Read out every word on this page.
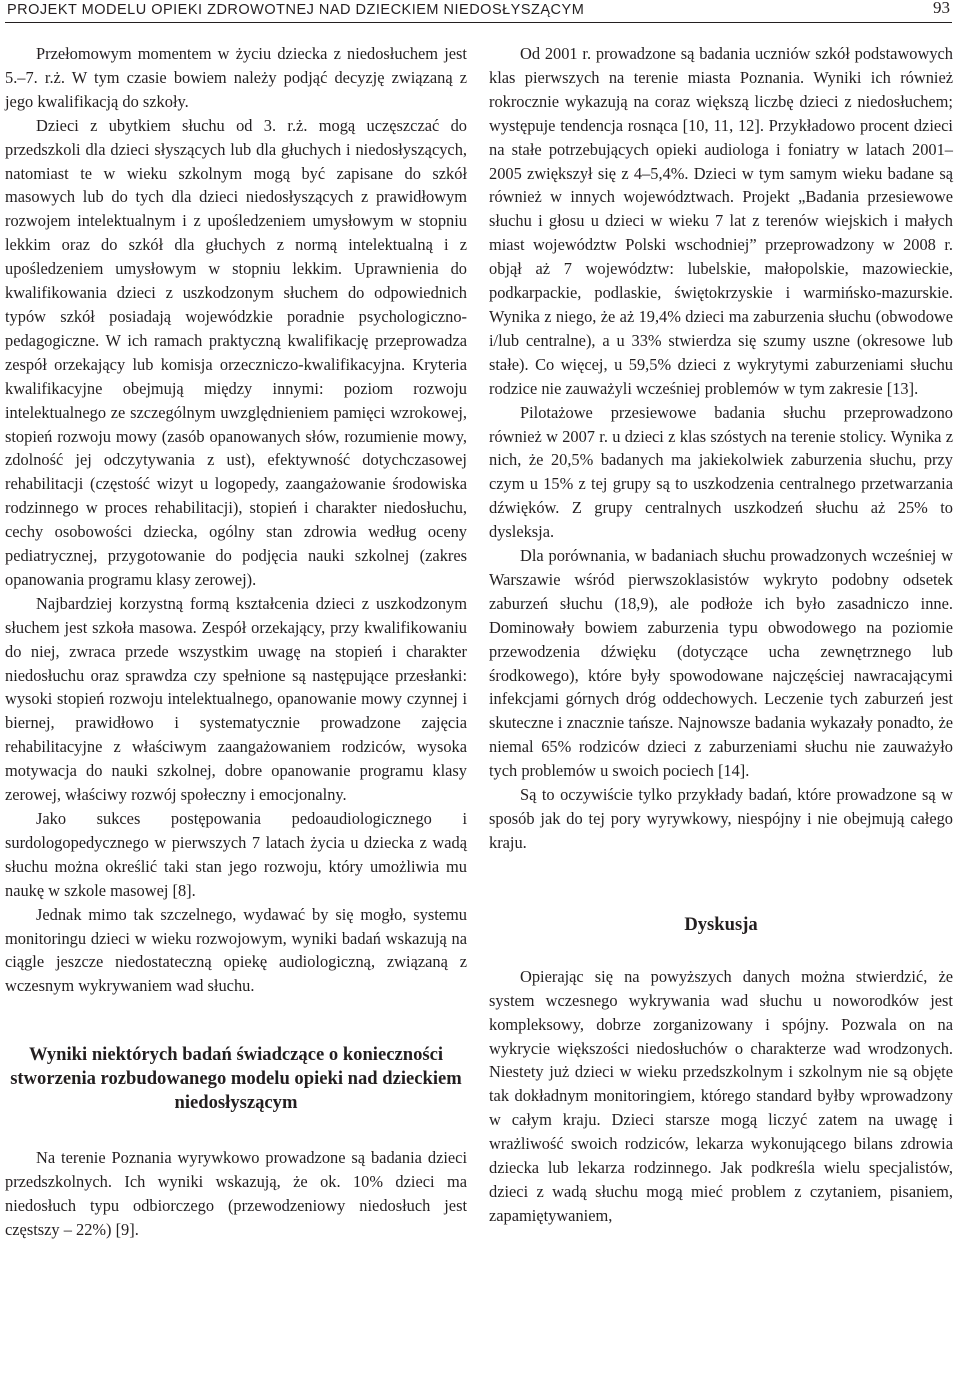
PROJEKT MODELU OPIEKI ZDROWOTNEJ NAD DZIECKIEM NIEDOSŁYSZĄCYM	93

Przełomowym momentem w życiu dziecka z niedosłuchem jest 5.–7. r.ż. W tym czasie bowiem należy podjąć decyzję związaną z jego kwalifikacją do szkoły.

Dzieci z ubytkiem słuchu od 3. r.ż. mogą uczęszczać do przedszkoli dla dzieci słyszących lub dla głuchych i niedosłyszących, natomiast te w wieku szkolnym mogą być zapisane do szkół masowych lub do tych dla dzieci niedosłyszących z prawidłowym rozwojem intelektualnym i z upośledzeniem umysłowym w stopniu lekkim oraz do szkół dla głuchych z normą intelektualną i z upośledzeniem umysłowym w stopniu lekkim. Uprawnienia do kwalifikowania dzieci z uszkodzonym słuchem do odpowiednich typów szkół posiadają wojewódzkie poradnie psychologiczno-pedagogiczne. W ich ramach praktyczną kwalifikację przeprowadza zespół orzekający lub komisja orzeczniczo-kwalifikacyjna. Kryteria kwalifikacyjne obejmują między innymi: poziom rozwoju intelektualnego ze szczególnym uwzględnieniem pamięci wzrokowej, stopień rozwoju mowy (zasób opanowanych słów, rozumienie mowy, zdolność jej odczytywania z ust), efektywność dotychczasowej rehabilitacji (częstość wizyt u logopedy, zaangażowanie środowiska rodzinnego w proces rehabilitacji), stopień i charakter niedosłuchu, cechy osobowości dziecka, ogólny stan zdrowia według oceny pediatrycznej, przygotowanie do podjęcia nauki szkolnej (zakres opanowania programu klasy zerowej).

Najbardziej korzystną formą kształcenia dzieci z uszkodzonym słuchem jest szkoła masowa. Zespół orzekający, przy kwalifikowaniu do niej, zwraca przede wszystkim uwagę na stopień i charakter niedosłuchu oraz sprawdza czy spełnione są następujące przesłanki: wysoki stopień rozwoju intelektualnego, opanowanie mowy czynnej i biernej, prawidłowo i systematycznie prowadzone zajęcia rehabilitacyjne z właściwym zaangażowaniem rodziców, wysoka motywacja do nauki szkolnej, dobre opanowanie programu klasy zerowej, właściwy rozwój społeczny i emocjonalny.

Jako sukces postępowania pedoaudiologicznego i surdologopedycznego w pierwszych 7 latach życia u dziecka z wadą słuchu można określić taki stan jego rozwoju, który umożliwia mu naukę w szkole masowej [8].

Jednak mimo tak szczelnego, wydawać by się mogło, systemu monitoringu dzieci w wieku rozwojowym, wyniki badań wskazują na ciągle jeszcze niedostateczną opiekę audiologiczną, związaną z wczesnym wykrywaniem wad słuchu.

Wyniki niektórych badań świadczące o konieczności stworzenia rozbudowanego modelu opieki nad dzieckiem niedosłyszącym

Na terenie Poznania wyrywkowo prowadzone są badania dzieci przedszkolnych. Ich wyniki wskazują, że ok. 10% dzieci ma niedosłuch typu odbiorczego (przewodzeniowy niedosłuch jest częstszy – 22%) [9].

Od 2001 r. prowadzone są badania uczniów szkół podstawowych klas pierwszych na terenie miasta Poznania. Wyniki ich również rokrocznie wykazują na coraz większą liczbę dzieci z niedosłuchem; występuje tendencja rosnąca [10, 11, 12]. Przykładowo procent dzieci na stałe potrzebujących opieki audiologa i foniatry w latach 2001–2005 zwiększył się z 4–5,4%. Dzieci w tym samym wieku badane są również w innych województwach. Projekt „Badania przesiewowe słuchu i głosu u dzieci w wieku 7 lat z terenów wiejskich i małych miast województw Polski wschodniej” przeprowadzony w 2008 r. objął aż 7 województw: lubelskie, małopolskie, mazowieckie, podkarpackie, podlaskie, świętokrzyskie i warmińsko-mazurskie. Wynika z niego, że aż 19,4% dzieci ma zaburzenia słuchu (obwodowe i/lub centralne), a u 33% stwierdza się szumy uszne (okresowe lub stałe). Co więcej, u 59,5% dzieci z wykrytymi zaburzeniami słuchu rodzice nie zauważyli wcześniej problemów w tym zakresie [13].

Pilotażowe przesiewowe badania słuchu przeprowadzono również w 2007 r. u dzieci z klas szóstych na terenie stolicy. Wynika z nich, że 20,5% badanych ma jakiekolwiek zaburzenia słuchu, przy czym u 15% z tej grupy są to uszkodzenia centralnego przetwarzania dźwięków. Z grupy centralnych uszkodzeń słuchu aż 25% to dysleksja.

Dla porównania, w badaniach słuchu prowadzonych wcześniej w Warszawie wśród pierwszoklasistów wykryto podobny odsetek zaburzeń słuchu (18,9), ale podłoże ich było zasadniczo inne. Dominowały bowiem zaburzenia typu obwodowego na poziomie przewodzenia dźwięku (dotyczące ucha zewnętrznego lub środkowego), które były spowodowane najczęściej nawracającymi infekcjami górnych dróg oddechowych. Leczenie tych zaburzeń jest skuteczne i znacznie tańsze. Najnowsze badania wykazały ponadto, że niemal 65% rodziców dzieci z zaburzeniami słuchu nie zauważyło tych problemów u swoich pociech [14].

Są to oczywiście tylko przykłady badań, które prowadzone są w sposób jak do tej pory wyrywkowy, niespójny i nie obejmują całego kraju.

Dyskusja

Opierając się na powyższych danych można stwierdzić, że system wczesnego wykrywania wad słuchu u noworodków jest kompleksowy, dobrze zorganizowany i spójny. Pozwala on na wykrycie większości niedosłuchów o charakterze wad wrodzonych. Niestety już dzieci w wieku przedszkolnym i szkolnym nie są objęte tak dokładnym monitoringiem, którego standard byłby wprowadzony w całym kraju. Dzieci starsze mogą liczyć zatem na uwagę i wrażliwość swoich rodziców, lekarza wykonującego bilans zdrowia dziecka lub lekarza rodzinnego. Jak podkreśla wielu specjalistów, dzieci z wadą słuchu mogą mieć problem z czytaniem, pisaniem, zapamiętywaniem,
